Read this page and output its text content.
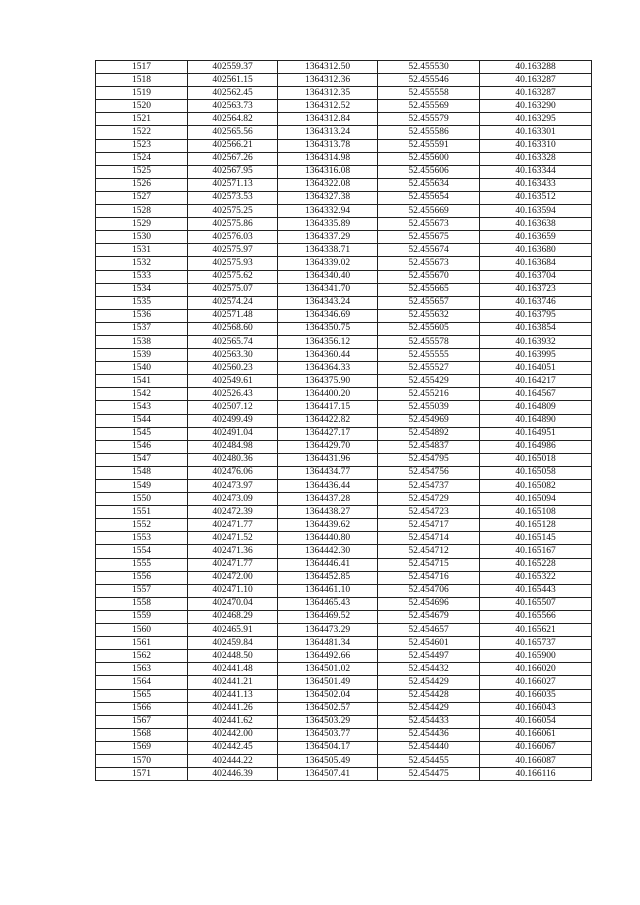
1517	402559.37	1364312.50	52.455530	40.163288
1518	402561.15	1364312.36	52.455546	40.163287
1519	402562.45	1364312.35	52.455558	40.163287
1520	402563.73	1364312.52	52.455569	40.163290
1521	402564.82	1364312.84	52.455579	40.163295
1522	402565.56	1364313.24	52.455586	40.163301
1523	402566.21	1364313.78	52.455591	40.163310
1524	402567.26	1364314.98	52.455600	40.163328
1525	402567.95	1364316.08	52.455606	40.163344
1526	402571.13	1364322.08	52.455634	40.163433
1527	402573.53	1364327.38	52.455654	40.163512
1528	402575.25	1364332.94	52.455669	40.163594
1529	402575.86	1364335.89	52.455673	40.163638
1530	402576.03	1364337.29	52.455675	40.163659
1531	402575.97	1364338.71	52.455674	40.163680
1532	402575.93	1364339.02	52.455673	40.163684
1533	402575.62	1364340.40	52.455670	40.163704
1534	402575.07	1364341.70	52.455665	40.163723
1535	402574.24	1364343.24	52.455657	40.163746
1536	402571.48	1364346.69	52.455632	40.163795
1537	402568.60	1364350.75	52.455605	40.163854
1538	402565.74	1364356.12	52.455578	40.163932
1539	402563.30	1364360.44	52.455555	40.163995
1540	402560.23	1364364.33	52.455527	40.164051
1541	402549.61	1364375.90	52.455429	40.164217
1542	402526.43	1364400.20	52.455216	40.164567
1543	402507.12	1364417.15	52.455039	40.164809
1544	402499.49	1364422.82	52.454969	40.164890
1545	402491.04	1364427.17	52.454892	40.164951
1546	402484.98	1364429.70	52.454837	40.164986
1547	402480.36	1364431.96	52.454795	40.165018
1548	402476.06	1364434.77	52.454756	40.165058
1549	402473.97	1364436.44	52.454737	40.165082
1550	402473.09	1364437.28	52.454729	40.165094
1551	402472.39	1364438.27	52.454723	40.165108
1552	402471.77	1364439.62	52.454717	40.165128
1553	402471.52	1364440.80	52.454714	40.165145
1554	402471.36	1364442.30	52.454712	40.165167
1555	402471.77	1364446.41	52.454715	40.165228
1556	402472.00	1364452.85	52.454716	40.165322
1557	402471.10	1364461.10	52.454706	40.165443
1558	402470.04	1364465.43	52.454696	40.165507
1559	402468.29	1364469.52	52.454679	40.165566
1560	402465.91	1364473.29	52.454657	40.165621
1561	402459.84	1364481.34	52.454601	40.165737
1562	402448.50	1364492.66	52.454497	40.165900
1563	402441.48	1364501.02	52.454432	40.166020
1564	402441.21	1364501.49	52.454429	40.166027
1565	402441.13	1364502.04	52.454428	40.166035
1566	402441.26	1364502.57	52.454429	40.166043
1567	402441.62	1364503.29	52.454433	40.166054
1568	402442.00	1364503.77	52.454436	40.166061
1569	402442.45	1364504.17	52.454440	40.166067
1570	402444.22	1364505.49	52.454455	40.166087
1571	402446.39	1364507.41	52.454475	40.166116
